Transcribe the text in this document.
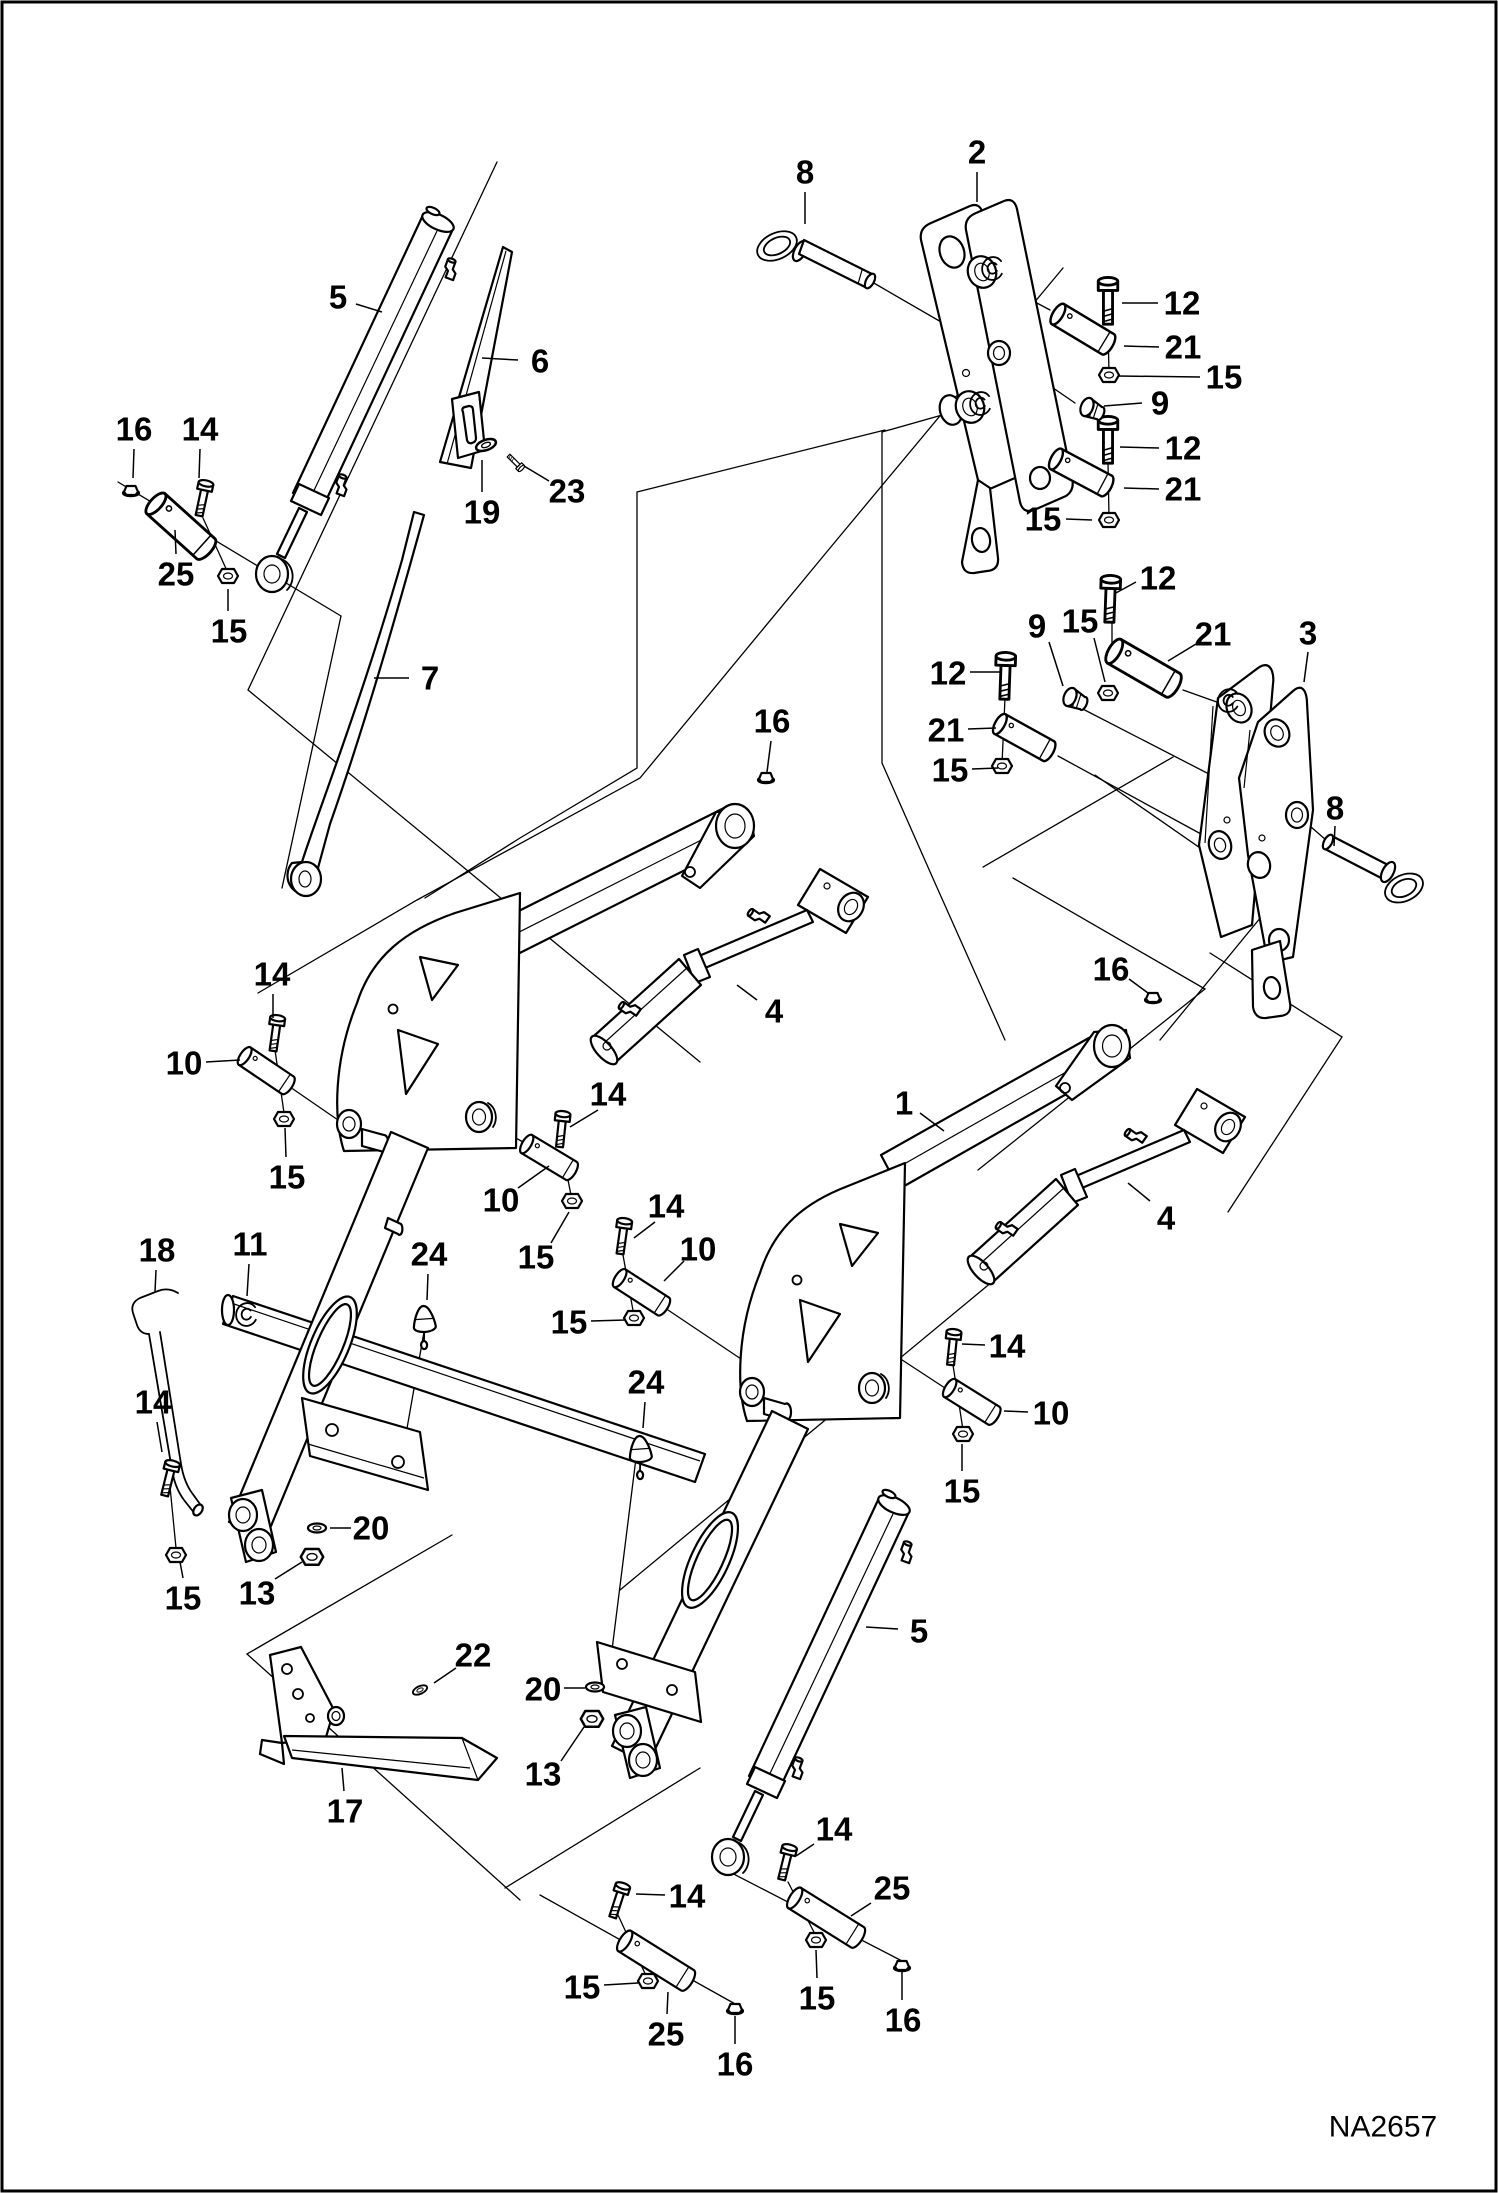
8
2
12
21
15
9
12
21
15
5
6
16 14
23
19
25
15
7
12
9 15	21 3
12
21
15
8
16
16
4
1
4
14
10
15
14
10
15
24
18 11
14
10
15
24
14
10
15
14
15
20
13
22
17
20
13
5
14
25
15
16
14
25
15
16
NA2657
